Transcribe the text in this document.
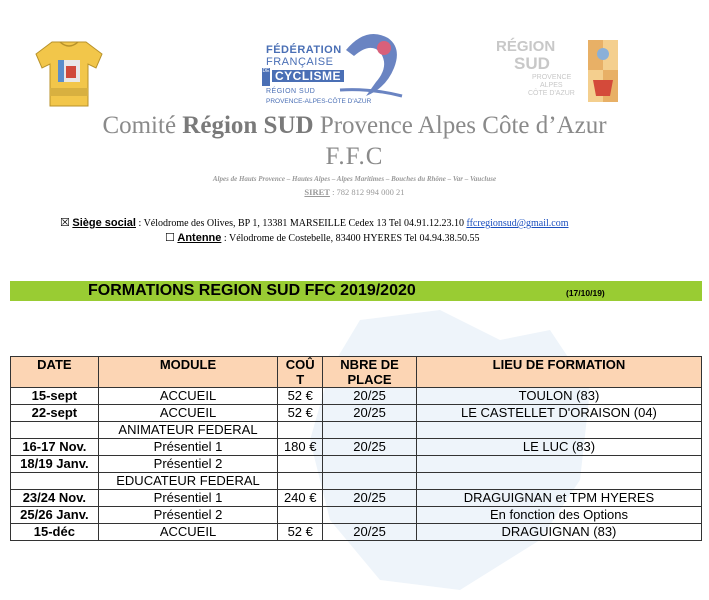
FÉDÉRATION
FRANÇAISE
DE CYCLISME
RÉGION SUD
PROVENCE-ALPES-CÔTE D'AZUR
RÉGION
SUD
PROVENCE
ALPES
CÔTE D'AZUR
Comité Région SUD Provence Alpes Côte d’Azur
F.F.C
Alpes de Hauts Provence – Hautes Alpes – Alpes Maritimes – Bouches du Rhône – Var – Vaucluse
SIRET : 782 812 994 000 21
☒ Siège social : Vélodrome des Olives, BP 1, 13381 MARSEILLE Cedex 13 Tel 04.91.12.23.10 ffcregionsud@gmail.com
☐ Antenne : Vélodrome de Costebelle, 83400 HYERES Tel 04.94.38.50.55
FORMATIONS REGION SUD FFC 2019/2020	(17/10/19)
DATE	MODULE	COÛ T	NBRE DE PLACE	LIEU DE FORMATION
15-sept	ACCUEIL	52 €	20/25	TOULON (83)
22-sept	ACCUEIL	52 €	20/25	LE CASTELLET D'ORAISON (04)
	ANIMATEUR FEDERAL			
16-17 Nov.	Présentiel 1	180 €	20/25	LE LUC (83)
18/19 Janv.	Présentiel 2			
	EDUCATEUR FEDERAL			
23/24 Nov.	Présentiel 1	240 €	20/25	DRAGUIGNAN et TPM HYERES
25/26 Janv.	Présentiel 2			En fonction des Options
15-déc	ACCUEIL	52 €	20/25	DRAGUIGNAN (83)
